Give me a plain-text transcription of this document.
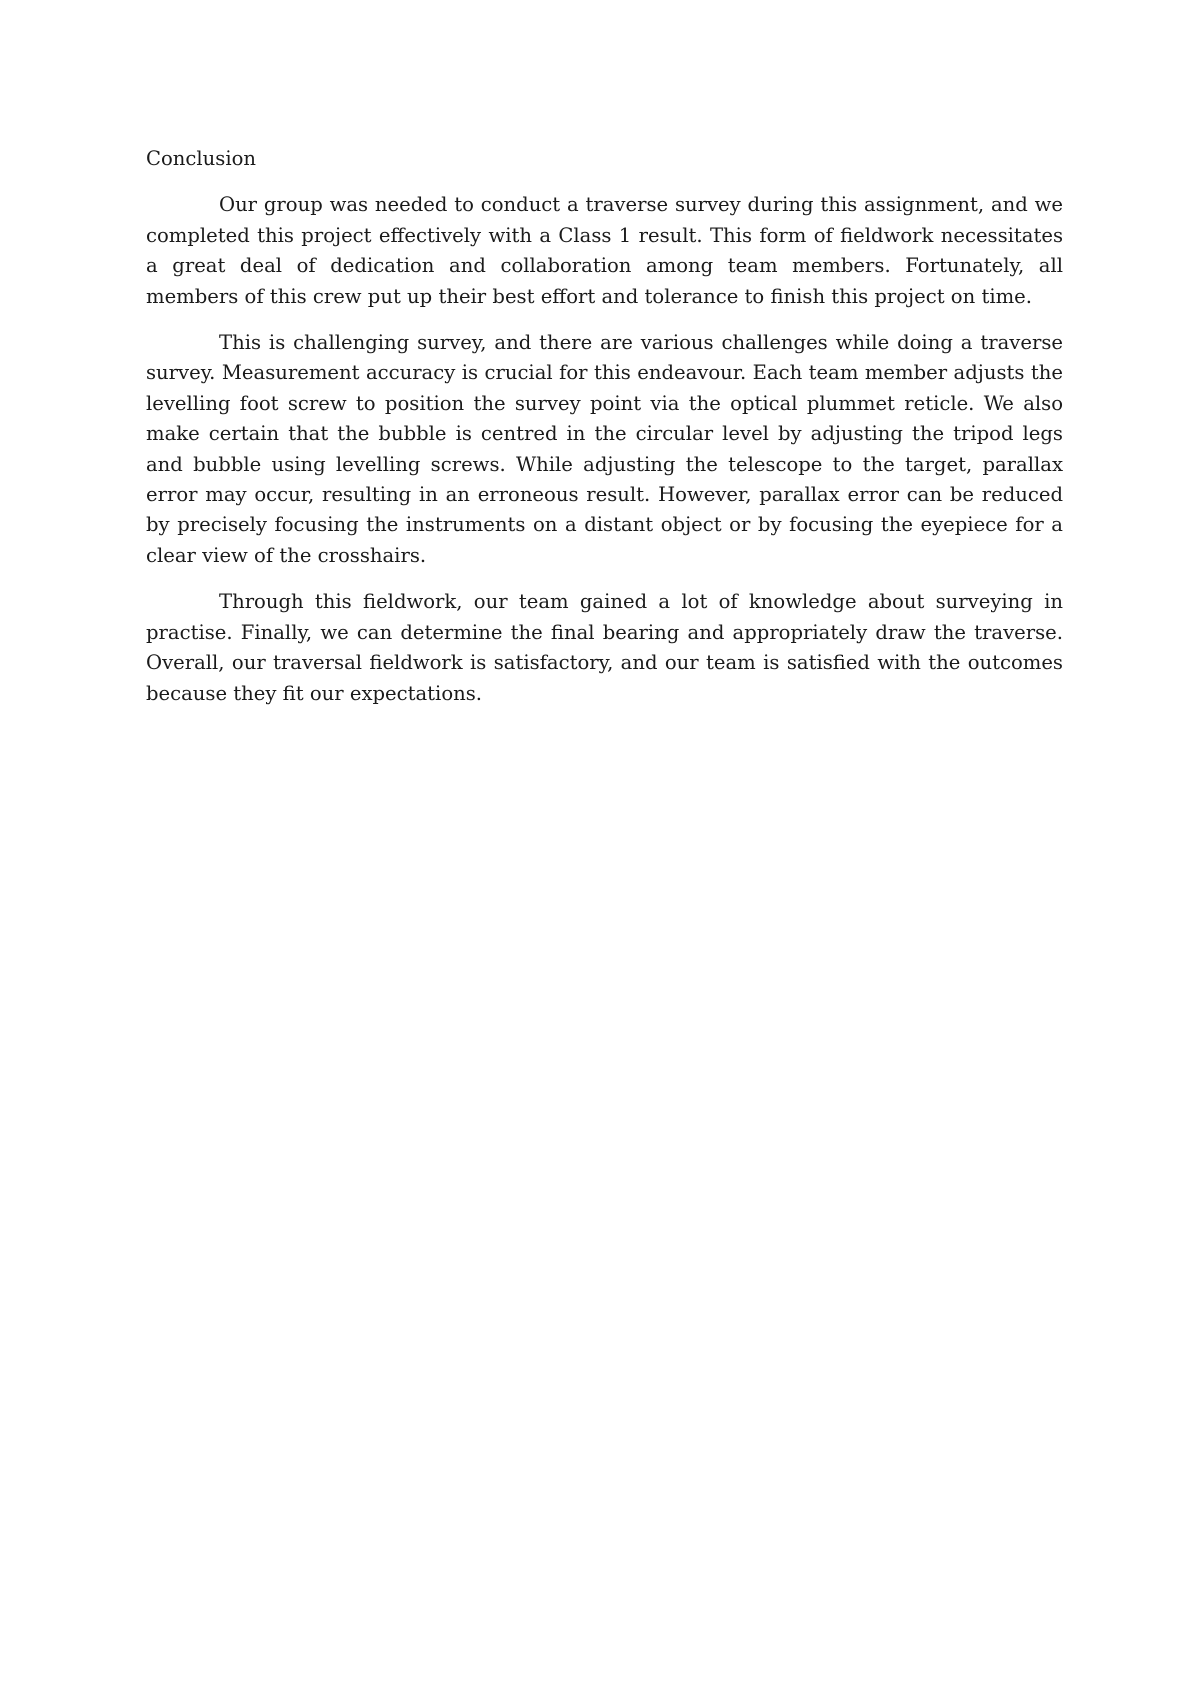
Conclusion

Our group was needed to conduct a traverse survey during this assignment, and we completed this project effectively with a Class 1 result. This form of fieldwork necessitates a great deal of dedication and collaboration among team members. Fortunately, all members of this crew put up their best effort and tolerance to finish this project on time.

This is challenging survey, and there are various challenges while doing a traverse survey. Measurement accuracy is crucial for this endeavour. Each team member adjusts the levelling foot screw to position the survey point via the optical plummet reticle. We also make certain that the bubble is centred in the circular level by adjusting the tripod legs and bubble using levelling screws. While adjusting the telescope to the target, parallax error may occur, resulting in an erroneous result. However, parallax error can be reduced by precisely focusing the instruments on a distant object or by focusing the eyepiece for a clear view of the crosshairs.

Through this fieldwork, our team gained a lot of knowledge about surveying in practise. Finally, we can determine the final bearing and appropriately draw the traverse. Overall, our traversal fieldwork is satisfactory, and our team is satisfied with the outcomes because they fit our expectations.
